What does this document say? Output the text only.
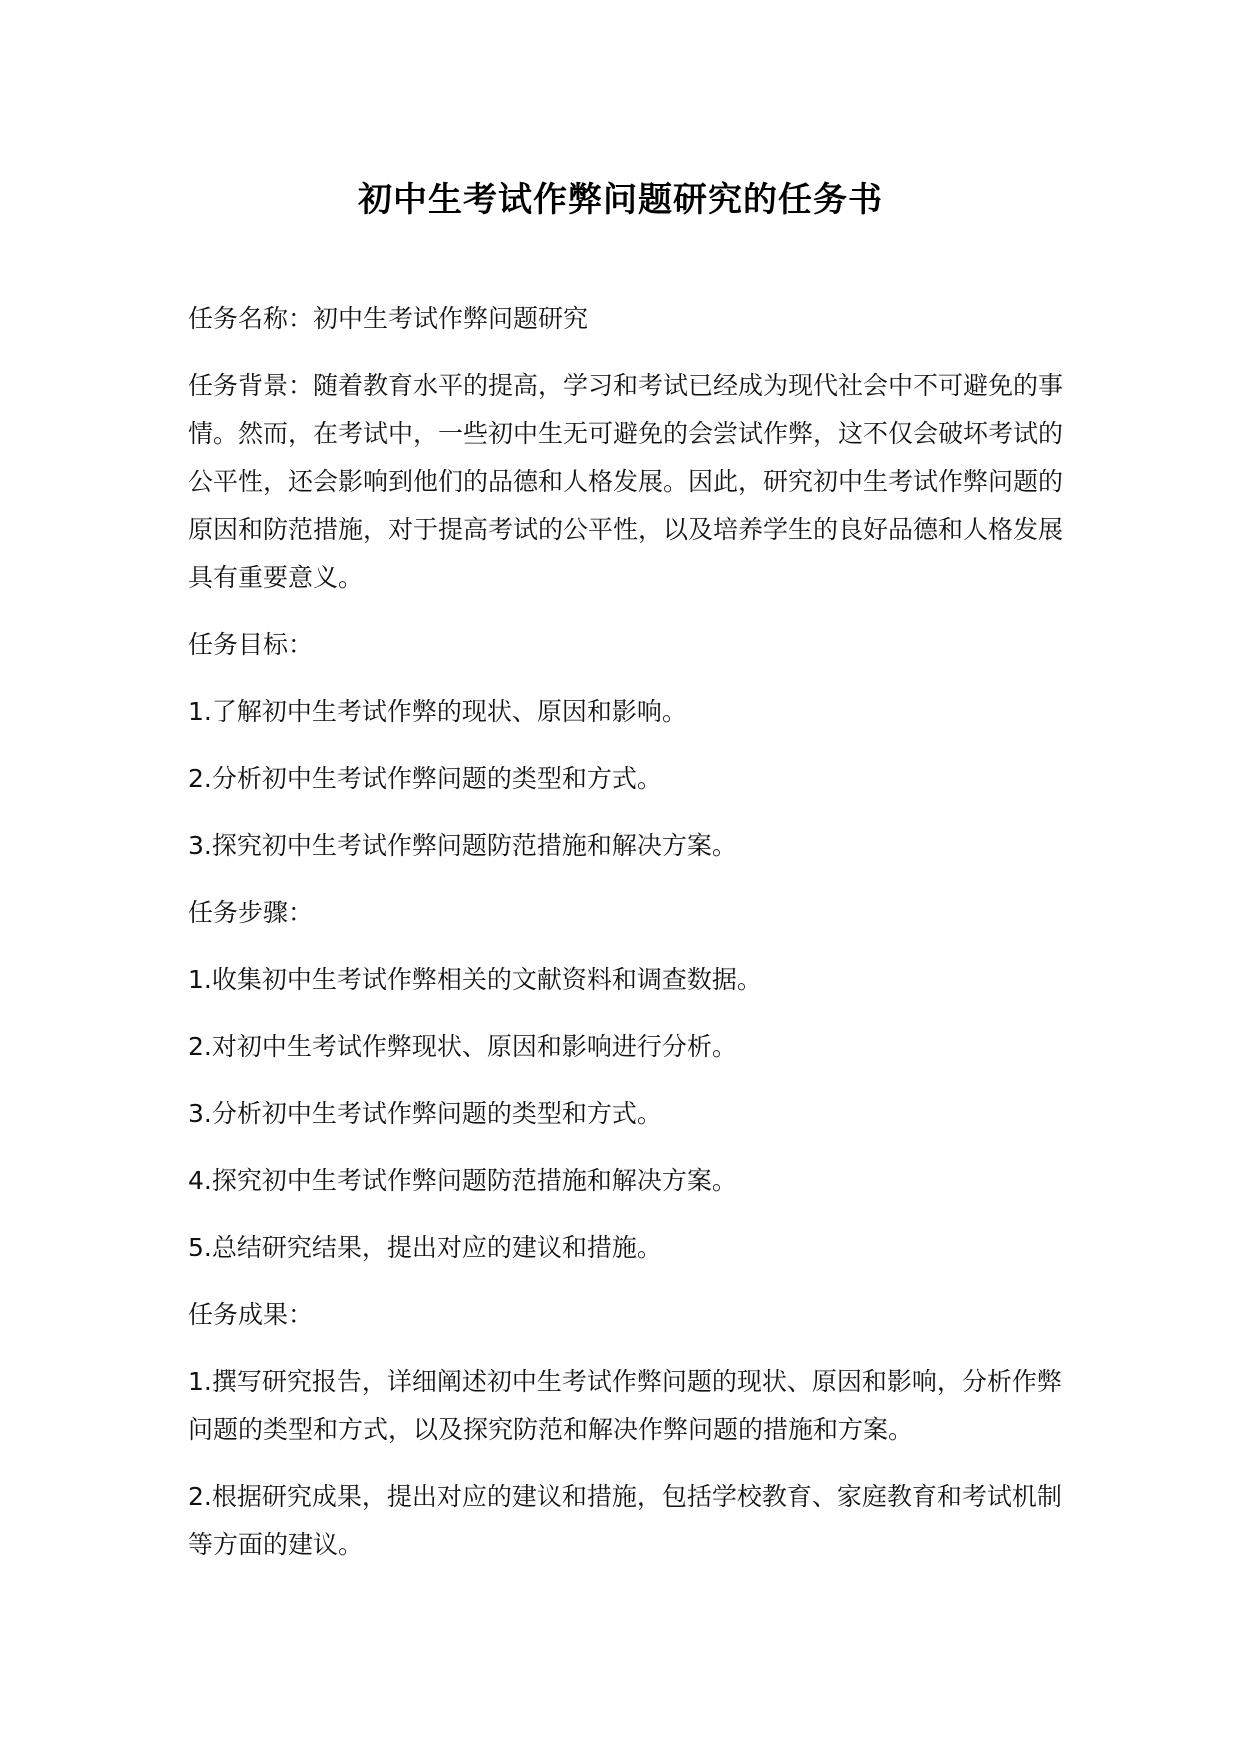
初中生考试作弊问题研究的任务书

任务名称：初中生考试作弊问题研究

任务背景：随着教育水平的提高，学习和考试已经成为现代社会中不可避免的事情。然而，在考试中，一些初中生无可避免的会尝试作弊，这不仅会破坏考试的公平性，还会影响到他们的品德和人格发展。因此，研究初中生考试作弊问题的原因和防范措施，对于提高考试的公平性，以及培养学生的良好品德和人格发展具有重要意义。

任务目标：

1.了解初中生考试作弊的现状、原因和影响。

2.分析初中生考试作弊问题的类型和方式。

3.探究初中生考试作弊问题防范措施和解决方案。

任务步骤：

1.收集初中生考试作弊相关的文献资料和调查数据。

2.对初中生考试作弊现状、原因和影响进行分析。

3.分析初中生考试作弊问题的类型和方式。

4.探究初中生考试作弊问题防范措施和解决方案。

5.总结研究结果，提出对应的建议和措施。

任务成果：

1.撰写研究报告，详细阐述初中生考试作弊问题的现状、原因和影响，分析作弊问题的类型和方式，以及探究防范和解决作弊问题的措施和方案。

2.根据研究成果，提出对应的建议和措施，包括学校教育、家庭教育和考试机制等方面的建议。
